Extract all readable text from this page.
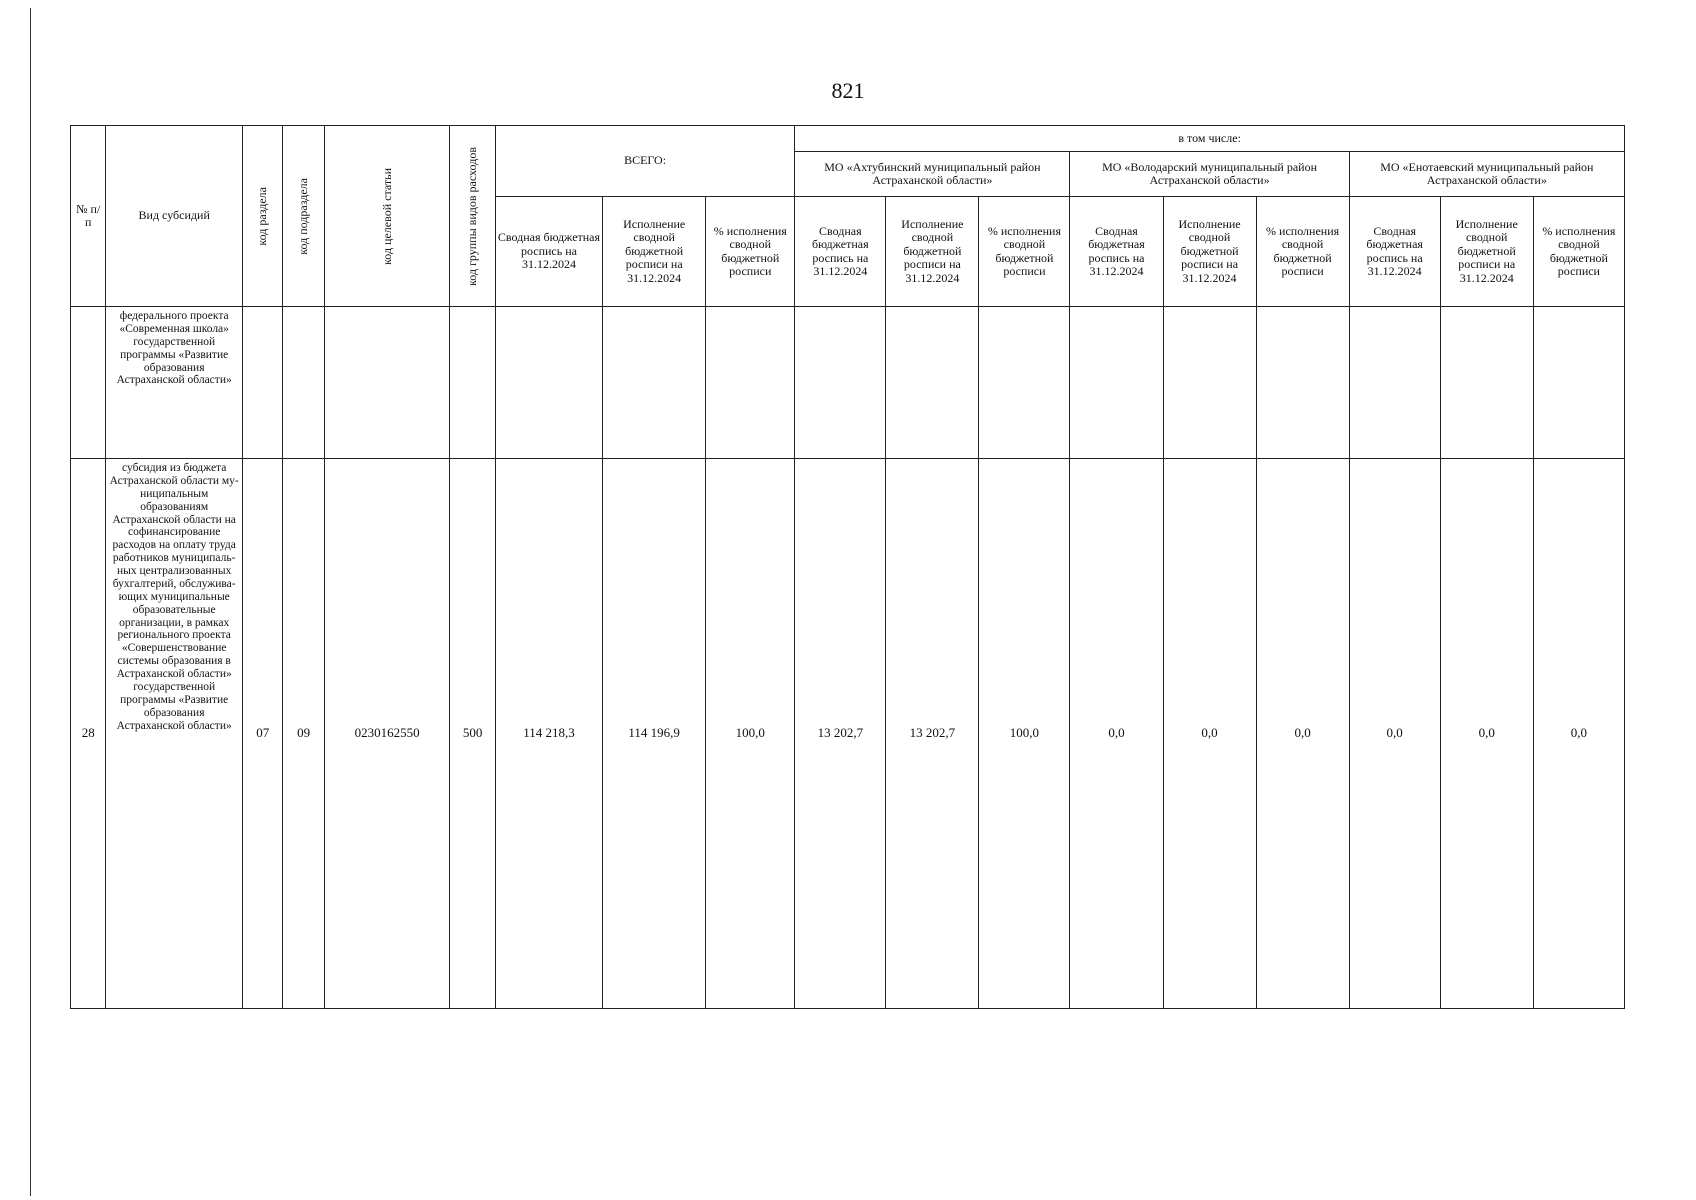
821
№ п/п	Вид субсидий	код раздела	код подраздела	код целевой статьи	код группы видов расходов	ВСЕГО:			в том числе:								
									МО «Ахтубинский муниципальный район Астраханской области»			МО «Володарский муниципальный район Астраханской области»			МО «Енотаевский муниципальный район Астраханской области»		
						Сводная бюджетная роспись на 31.12.2024	Исполнение сводной бюджетной росписи на 31.12.2024	% исполнения сводной бюджетной росписи	Сводная бюджетная роспись на 31.12.2024	Исполнение сводной бюджетной росписи на 31.12.2024	% исполнения сводной бюджетной росписи	Сводная бюджетная роспись на 31.12.2024	Исполнение сводной бюджетной росписи на 31.12.2024	% исполнения сводной бюджетной росписи	Сводная бюджетная роспись на 31.12.2024	Исполнение сводной бюджетной росписи на 31.12.2024	% исполнения сводной бюджетной росписи
	федерального проекта «Современная школа» государственной программы «Развитие образования Астраханской области»																
28	субсидия из бюджета Астраханской области муниципальным образованиям Астраханской области на софинансирование расходов на оплату труда работников муниципальных централизованных бухгалтерий, обслуживающих муниципальные образовательные организации, в рамках регионального проекта «Совершенствование системы образования в Астраханской области» государственной программы «Развитие образования Астраханской области»	07	09	0230162550	500	114 218,3	114 196,9	100,0	13 202,7	13 202,7	100,0	0,0	0,0	0,0	0,0	0,0	0,0
